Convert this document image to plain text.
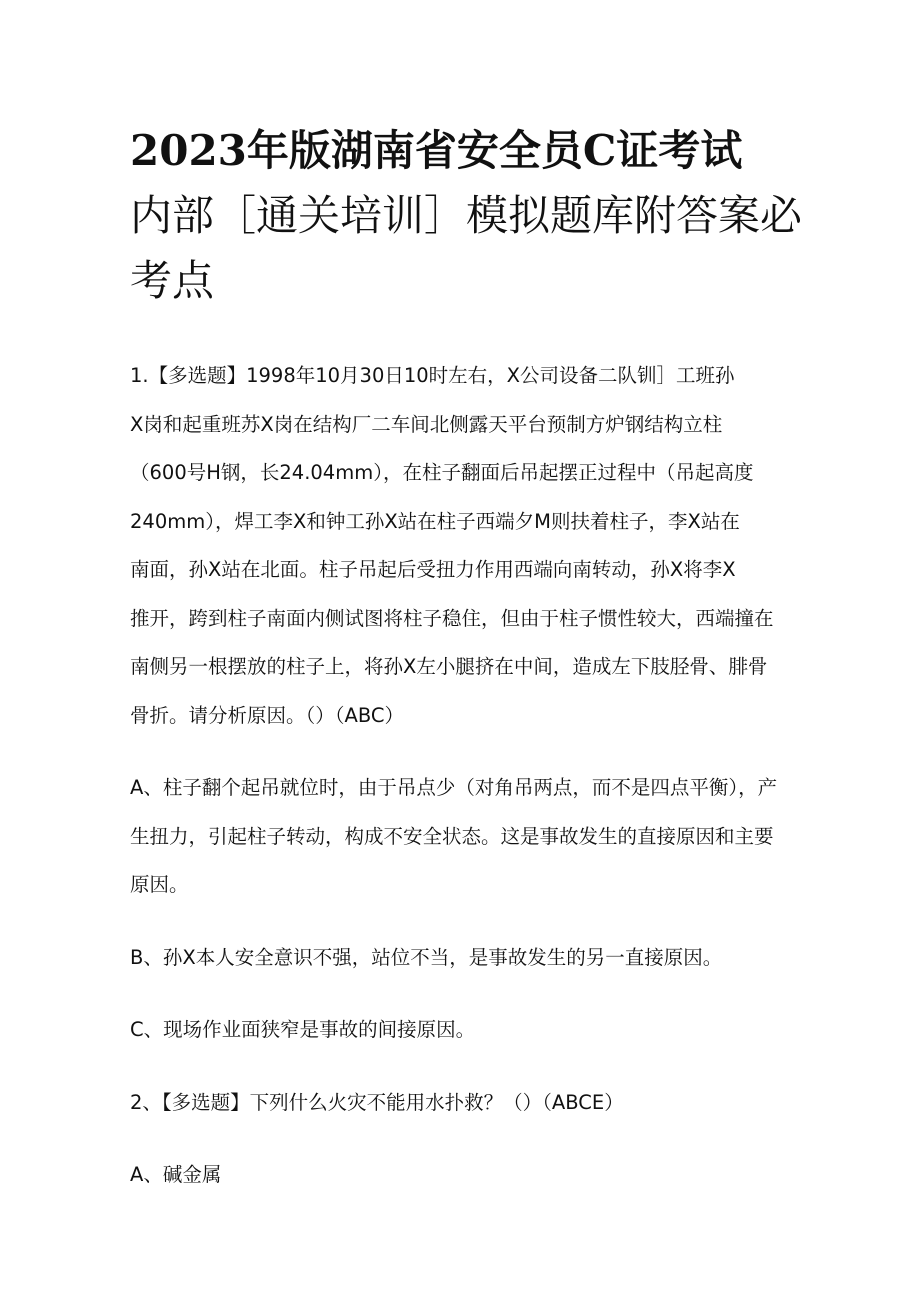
2023年版湖南省安全员C证考试
内部［通关培训］模拟题库附答案必
考点
1.【多选题】1998年10月30日10时左右，X公司设备二队钏］工班孙
X岗和起重班苏X岗在结构厂二车间北侧露天平台预制方炉钢结构立柱
（600号H钢，长24.04mm），在柱子翻面后吊起摆正过程中（吊起高度
240mm），焊工李X和钟工孙X站在柱子西端夕M则扶着柱子，李X站在
南面，孙X站在北面。柱子吊起后受扭力作用西端向南转动，孙X将李X
推开，跨到柱子南面内侧试图将柱子稳住，但由于柱子惯性较大，西端撞在
南侧另一根摆放的柱子上，将孙X左小腿挤在中间，造成左下肢胫骨、腓骨
骨折。请分析原因。（）（ABC）
A、柱子翻个起吊就位时，由于吊点少（对角吊两点，而不是四点平衡），产
生扭力，引起柱子转动，构成不安全状态。这是事故发生的直接原因和主要
原因。
B、孙X本人安全意识不强，站位不当，是事故发生的另一直接原因。
C、现场作业面狭窄是事故的间接原因。
2、【多选题】下列什么火灾不能用水扑救？（）（ABCE）
A、碱金属
